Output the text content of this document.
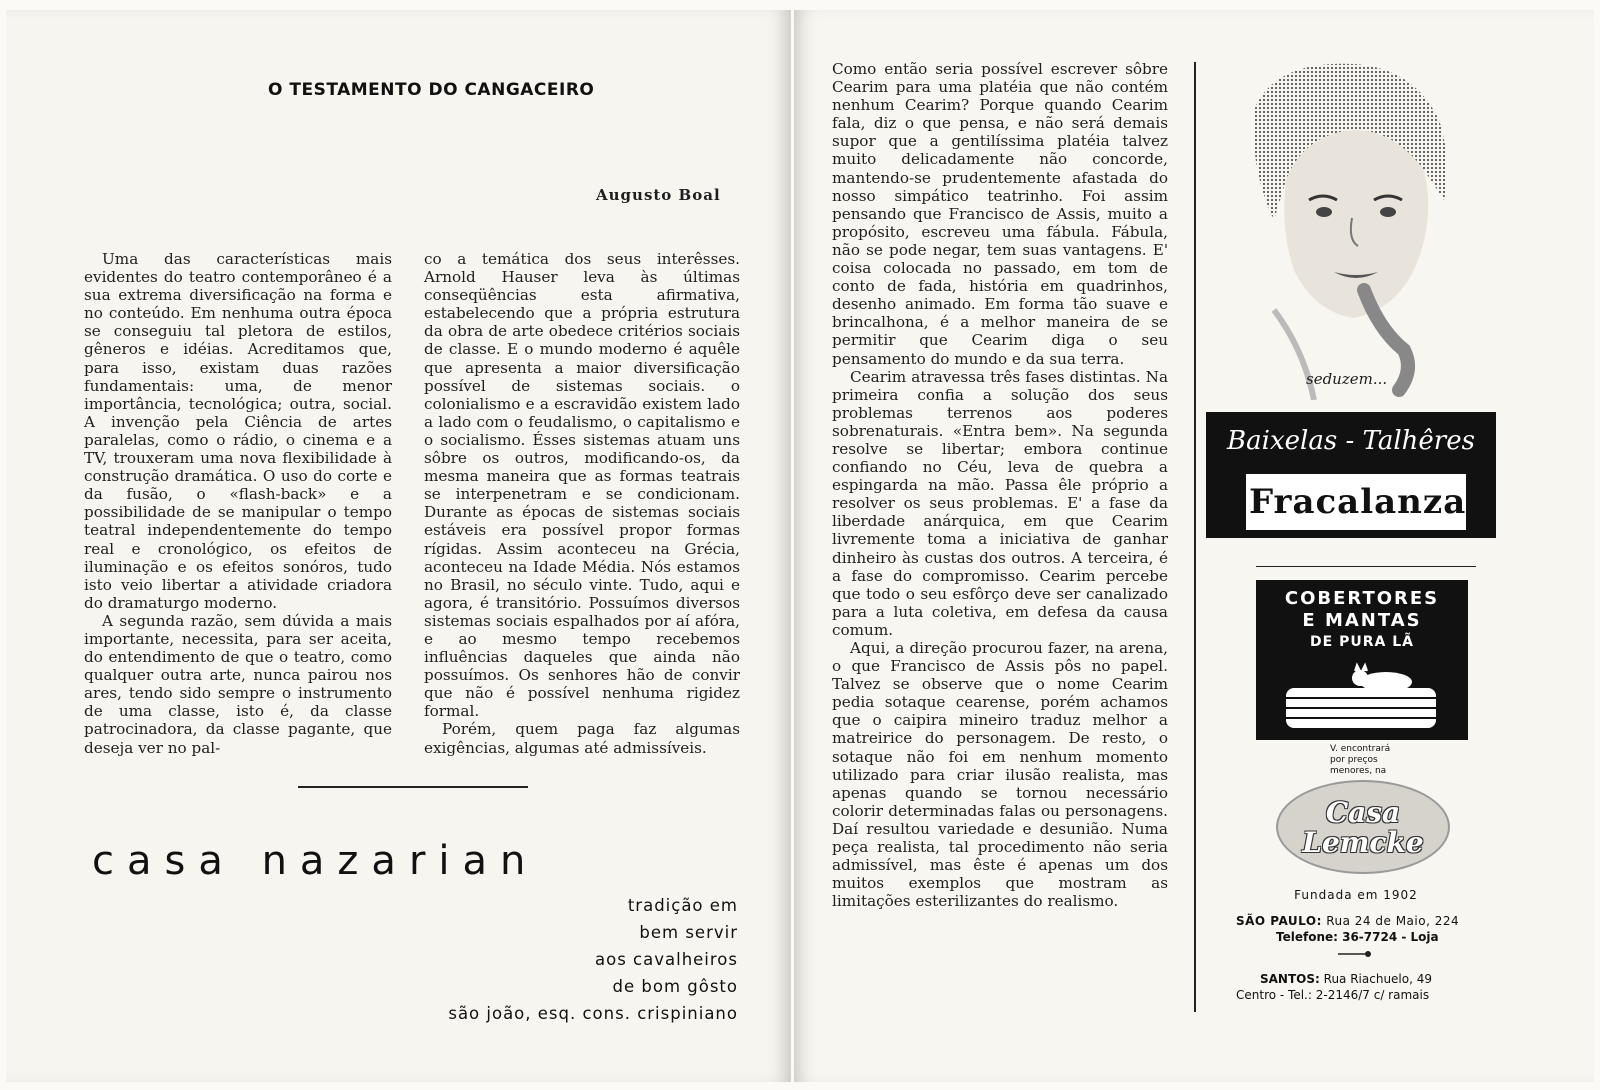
O TESTAMENTO DO CANGACEIRO
Augusto Boal

Uma das características mais evidentes do teatro contemporâneo é a sua extrema diversificação na forma e no conteúdo. Em nenhuma outra época se conseguiu tal pletora de estilos, gêneros e idéias. Acreditamos que, para isso, existam duas razões fundamentais: uma, de menor importância, tecnológica; outra, social. A invenção pela Ciência de artes paralelas, como o rádio, o cinema e a TV, trouxeram uma nova flexibilidade à construção dramática. O uso do corte e da fusão, o «flash-back» e a possibilidade de se manipular o tempo teatral independentemente do tempo real e cronológico, os efeitos de iluminação e os efeitos sonóros, tudo isto veio libertar a atividade criadora do dramaturgo moderno.

A segunda razão, sem dúvida a mais importante, necessita, para ser aceita, do entendimento de que o teatro, como qualquer outra arte, nunca pairou nos ares, tendo sido sempre o instrumento de uma classe, isto é, da classe patrocinadora, da classe pagante, que deseja ver no pal-

co a temática dos seus interêsses. Arnold Hauser leva às últimas conseqüências esta afirmativa, estabelecendo que a própria estrutura da obra de arte obedece critérios sociais de classe. E o mundo moderno é aquêle que apresenta a maior diversificação possível de sistemas sociais. o colonialismo e a escravidão existem lado a lado com o feudalismo, o capitalismo e o socialismo. Ésses sistemas atuam uns sôbre os outros, modificando-os, da mesma maneira que as formas teatrais se interpenetram e se condicionam. Durante as épocas de sistemas sociais estáveis era possível propor formas rígidas. Assim aconteceu na Grécia, aconteceu na Idade Média. Nós estamos no Brasil, no século vinte. Tudo, aqui e agora, é transitório. Possuímos diversos sistemas sociais espalhados por aí afóra, e ao mesmo tempo recebemos influências daqueles que ainda não possuímos. Os senhores hão de convir que não é possível nenhuma rigidez formal.

Porém, quem paga faz algumas exigências, algumas até admissíveis.

casa nazarian
tradição em
bem servir
aos cavalheiros
de bom gôsto
são joão, esq. cons. crispiniano

Como então seria possível escrever sôbre Cearim para uma platéia que não contém nenhum Cearim? Porque quando Cearim fala, diz o que pensa, e não será demais supor que a gentilíssima platéia talvez muito delicadamente não concorde, mantendo-se prudentemente afastada do nosso simpático teatrinho. Foi assim pensando que Francisco de Assis, muito a propósito, escreveu uma fábula. Fábula, não se pode negar, tem suas vantagens. E' coisa colocada no passado, em tom de conto de fada, história em quadrinhos, desenho animado. Em forma tão suave e brincalhona, é a melhor maneira de se permitir que Cearim diga o seu pensamento do mundo e da sua terra.

Cearim atravessa três fases distintas. Na primeira confia a solução dos seus problemas terrenos aos poderes sobrenaturais. «Entra bem». Na segunda resolve se libertar; embora continue confiando no Céu, leva de quebra a espingarda na mão. Passa êle próprio a resolver os seus problemas. E' a fase da liberdade anárquica, em que Cearim livremente toma a iniciativa de ganhar dinheiro às custas dos outros. A terceira, é a fase do compromisso. Cearim percebe que todo o seu esfôrço deve ser canalizado para a luta coletiva, em defesa da causa comum.

Aqui, a direção procurou fazer, na arena, o que Francisco de Assis pôs no papel. Talvez se observe que o nome Cearim pedia sotaque cearense, porém achamos que o caipira mineiro traduz melhor a matreirice do personagem. De resto, o sotaque não foi em nenhum momento utilizado para criar ilusão realista, mas apenas quando se tornou necessário colorir determinadas falas ou personagens. Daí resultou variedade e desunião. Numa peça realista, tal procedimento não seria admissível, mas êste é apenas um dos muitos exemplos que mostram as limitações esterilizantes do realismo.

seduzem...
Baixelas - Talhêres
Fracalanza
COBERTORES
E MANTAS
DE PURA LÃ
V. encontrará
por preços
menores, na
Casa
Lemcke
Fundada em 1902
SÃO PAULO: Rua 24 de Maio, 224
Telefone: 36-7724 - Loja
SANTOS: Rua Riachuelo, 49
Centro - Tel.: 2-2146/7 c/ ramais
